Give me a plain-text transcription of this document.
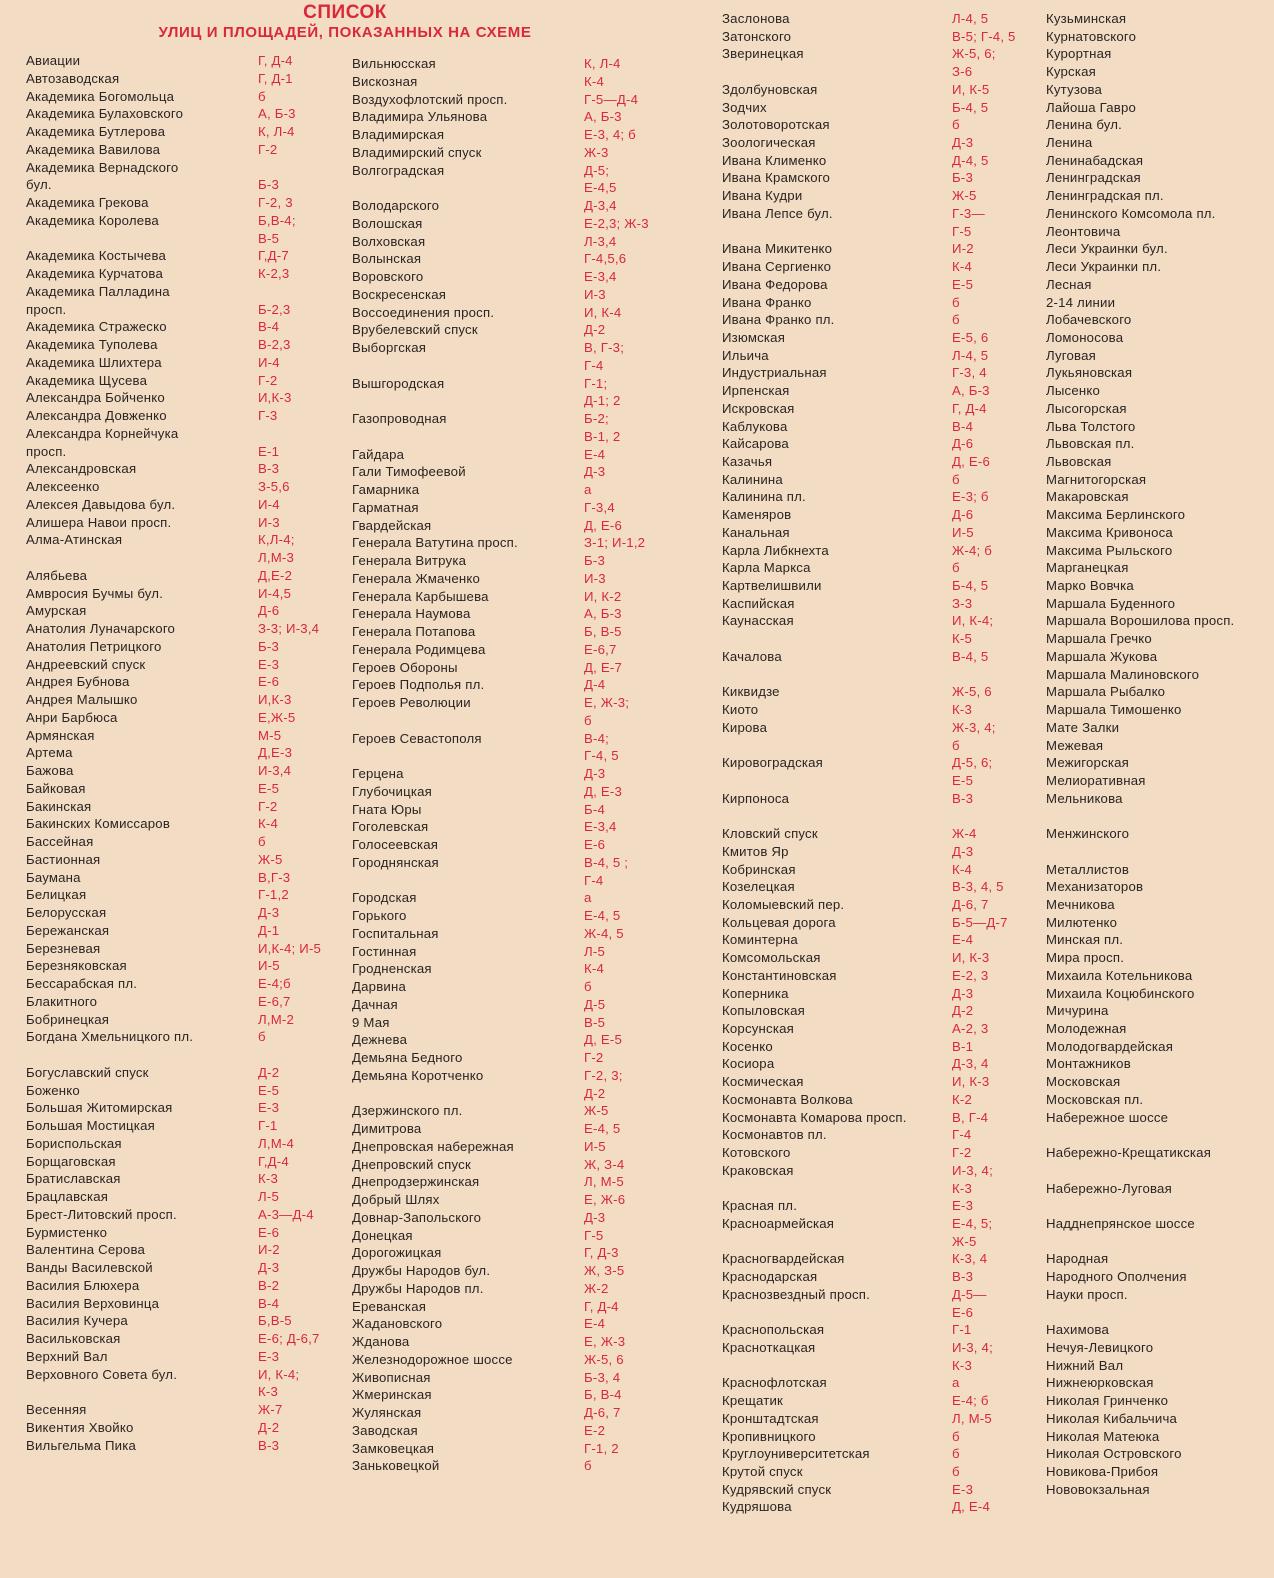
СПИСОК
УЛИЦ И ПЛОЩАДЕЙ, ПОКАЗАННЫХ НА СХЕМЕ
Авиации	Г, Д-4
Автозаводская	Г, Д-1
Академика Богомольца	б
Академика Булаховского	А, Б-3
Академика Бутлерова	К, Л-4
Академика Вавилова	Г-2
Академика Вернадского
бул.	Б-3
Академика Грекова	Г-2, 3
Академика Королева	Б,В-4;
В-5
Академика Костычева	Г,Д-7
Академика Курчатова	К-2,3
Академика Палладина
просп.	Б-2,3
Академика Стражеско	В-4
Академика Туполева	В-2,3
Академика Шлихтера	И-4
Академика Щусева	Г-2
Александра Бойченко	И,К-3
Александра Довженко	Г-3
Александра Корнейчука
просп.	Е-1
Александровская	В-3
Алексеенко	З-5,6
Алексея Давыдова бул.	И-4
Алишера Навои просп.	И-3
Алма-Атинская	К,Л-4;
Л,М-3
Алябьева	Д,Е-2
Амвросия Бучмы бул.	И-4,5
Амурская	Д-6
Анатолия Луначарского	З-3; И-3,4
Анатолия Петрицкого	Б-3
Андреевский спуск	Е-3
Андрея Бубнова	Е-6
Андрея Малышко	И,К-3
Анри Барбюса	Е,Ж-5
Армянская	М-5
Артема	Д,Е-3
Бажова	И-3,4
Байковая	Е-5
Бакинская	Г-2
Бакинских Комиссаров	К-4
Бассейная	б
Бастионная	Ж-5
Баумана	В,Г-3
Белицкая	Г-1,2
Белорусская	Д-3
Бережанская	Д-1
Березневая	И,К-4; И-5
Березняковская	И-5
Бессарабская пл.	Е-4;б
Блакитного	Е-6,7
Бобринецкая	Л,М-2
Богдана Хмельницкого пл.	б
Богуславский спуск	Д-2
Боженко	Е-5
Большая Житомирская	Е-3
Большая Мостицкая	Г-1
Бориспольская	Л,М-4
Борщаговская	Г,Д-4
Братиславская	К-3
Брацлавская	Л-5
Брест-Литовский просп.	А-3—Д-4
Бурмистенко	Е-6
Валентина Серова	И-2
Ванды Василевской	Д-3
Василия Блюхера	В-2
Василия Верховинца	В-4
Василия Кучера	Б,В-5
Васильковская	Е-6; Д-6,7
Верхний Вал	Е-3
Верховного Совета бул.	И, К-4;
К-3
Весенняя	Ж-7
Викентия Хвойко	Д-2
Вильгельма Пика	В-3
Вильнюсская	К, Л-4
Вискозная	К-4
Воздухофлотский просп.	Г-5—Д-4
Владимира Ульянова	А, Б-3
Владимирская	Е-3, 4; б
Владимирский спуск	Ж-3
Волгоградская	Д-5;
Е-4,5
Володарского	Д-3,4
Волошская	Е-2,3; Ж-3
Волховская	Л-3,4
Волынская	Г-4,5,6
Воровского	Е-3,4
Воскресенская	И-3
Воссоединения просп.	И, К-4
Врубелевский спуск	Д-2
Выборгская	В, Г-3;
Г-4
Вышгородская	Г-1;
Д-1; 2
Газопроводная	Б-2;
В-1, 2
Гайдара	Е-4
Гали Тимофеевой	Д-3
Гамарника	а
Гарматная	Г-3,4
Гвардейская	Д, Е-6
Генерала Ватутина просп.	З-1; И-1,2
Генерала Витрука	Б-3
Генерала Жмаченко	И-3
Генерала Карбышева	И, К-2
Генерала Наумова	А, Б-3
Генерала Потапова	Б, В-5
Генерала Родимцева	Е-6,7
Героев Обороны	Д, Е-7
Героев Подполья пл.	Д-4
Героев Революции	Е, Ж-3;
б
Героев Севастополя	В-4;
Г-4, 5
Герцена	Д-3
Глубочицкая	Д, Е-3
Гната Юры	Б-4
Гоголевская	Е-3,4
Голосеевская	Е-6
Городнянская	В-4, 5 ;
Г-4
Городская	а
Горького	Е-4, 5
Госпитальная	Ж-4, 5
Гостинная	Л-5
Гродненская	К-4
Дарвина	б
Дачная	Д-5
9 Мая	В-5
Дежнева	Д, Е-5
Демьяна Бедного	Г-2
Демьяна Коротченко	Г-2, 3;
Д-2
Дзержинского пл.	Ж-5
Димитрова	Е-4, 5
Днепровская набережная	И-5
Днепровский спуск	Ж, З-4
Днепродзержинская	Л, М-5
Добрый Шлях	Е, Ж-6
Довнар-Запольского	Д-3
Донецкая	Г-5
Дорогожицкая	Г, Д-3
Дружбы Народов бул.	Ж, З-5
Дружбы Народов пл.	Ж-2
Ереванская	Г, Д-4
Жадановского	Е-4
Жданова	Е, Ж-3
Железнодорожное шоссе	Ж-5, 6
Живописная	Б-3, 4
Жмеринская	Б, В-4
Жулянская	Д-6, 7
Заводская	Е-2
Замковецкая	Г-1, 2
Заньковецкой	б
Заслонова	Л-4, 5
Затонского	В-5; Г-4, 5
Зверинецкая	Ж-5, 6;
З-6
Здолбуновская	И, К-5
Зодчих	Б-4, 5
Золотоворотская	б
Зоологическая	Д-3
Ивана Клименко	Д-4, 5
Ивана Крамского	Б-3
Ивана Кудри	Ж-5
Ивана Лепсе бул.	Г-3—
Г-5
Ивана Микитенко	И-2
Ивана Сергиенко	К-4
Ивана Федорова	Е-5
Ивана Франко	б
Ивана Франко пл.	б
Изюмская	Е-5, 6
Ильича	Л-4, 5
Индустриальная	Г-3, 4
Ирпенская	А, Б-3
Искровская	Г, Д-4
Каблукова	В-4
Кайсарова	Д-6
Казачья	Д, Е-6
Калинина	б
Калинина пл.	Е-3; б
Каменяров	Д-6
Канальная	И-5
Карла Либкнехта	Ж-4; б
Карла Маркса	б
Картвелишвили	Б-4, 5
Каспийская	З-3
Каунасская	И, К-4;
К-5
Качалова	В-4, 5
Киквидзе	Ж-5, 6
Киото	К-3
Кирова	Ж-3, 4;
б
Кировоградская	Д-5, 6;
Е-5
Кирпоноса	В-3
Кловский спуск	Ж-4
Кмитов Яр	Д-3
Кобринская	К-4
Козелецкая	В-3, 4, 5
Коломыевский пер.	Д-6, 7
Кольцевая дорога	Б-5—Д-7
Коминтерна	Е-4
Комсомольская	И, К-3
Константиновская	Е-2, 3
Коперника	Д-3
Копыловская	Д-2
Корсунская	А-2, 3
Косенко	В-1
Косиора	Д-3, 4
Космическая	И, К-3
Космонавта Волкова	К-2
Космонавта Комарова просп.	В, Г-4
Космонавтов пл.	Г-4
Котовского	Г-2
Краковская	И-3, 4;
К-3
Красная пл.	Е-3
Красноармейская	Е-4, 5;
Ж-5
Красногвардейская	К-3, 4
Краснодарская	В-3
Краснозвездный просп.	Д-5—
Е-6
Краснопольская	Г-1
Красноткацкая	И-3, 4;
К-3
Краснофлотская	а
Крещатик	Е-4; б
Кронштадтская	Л, М-5
Кропивницкого	б
Круглоуниверситетская	б
Крутой спуск	б
Кудрявский спуск	Е-3
Кудряшова	Д, Е-4
Кузьминская
Курнатовского
Курортная
Курская
Кутузова
Лайоша Гавро
Ленина бул.
Ленина
Ленинабадская
Ленинградская
Ленинградская пл.
Ленинского Комсомола пл.
Леонтовича
Леси Украинки бул.
Леси Украинки пл.
Лесная
2-14 линии
Лобачевского
Ломоносова
Луговая
Лукьяновская
Лысенко
Лысогорская
Льва Толстого
Львовская пл.
Львовская
Магнитогорская
Макаровская
Максима Берлинского
Максима Кривоноса
Максима Рыльского
Марганецкая
Марко Вовчка
Маршала Буденного
Маршала Ворошилова просп.
Маршала Гречко
Маршала Жукова
Маршала Малиновского
Маршала Рыбалко
Маршала Тимошенко
Мате Залки
Межевая
Межигорская
Мелиоративная
Мельникова
Менжинского
Металлистов
Механизаторов
Мечникова
Милютенко
Минская пл.
Мира просп.
Михаила Котельникова
Михаила Коцюбинского
Мичурина
Молодежная
Молодогвардейская
Монтажников
Московская
Московская пл.
Набережное шоссе
Набережно-Крещатикская
Набережно-Луговая
Надднепрянское шоссе
Народная
Народного Ополчения
Науки просп.
Нахимова
Нечуя-Левицкого
Нижний Вал
Нижнеюрковская
Николая Гринченко
Николая Кибальчича
Николая Матеюка
Николая Островского
Новикова-Прибоя
Нововокзальная
